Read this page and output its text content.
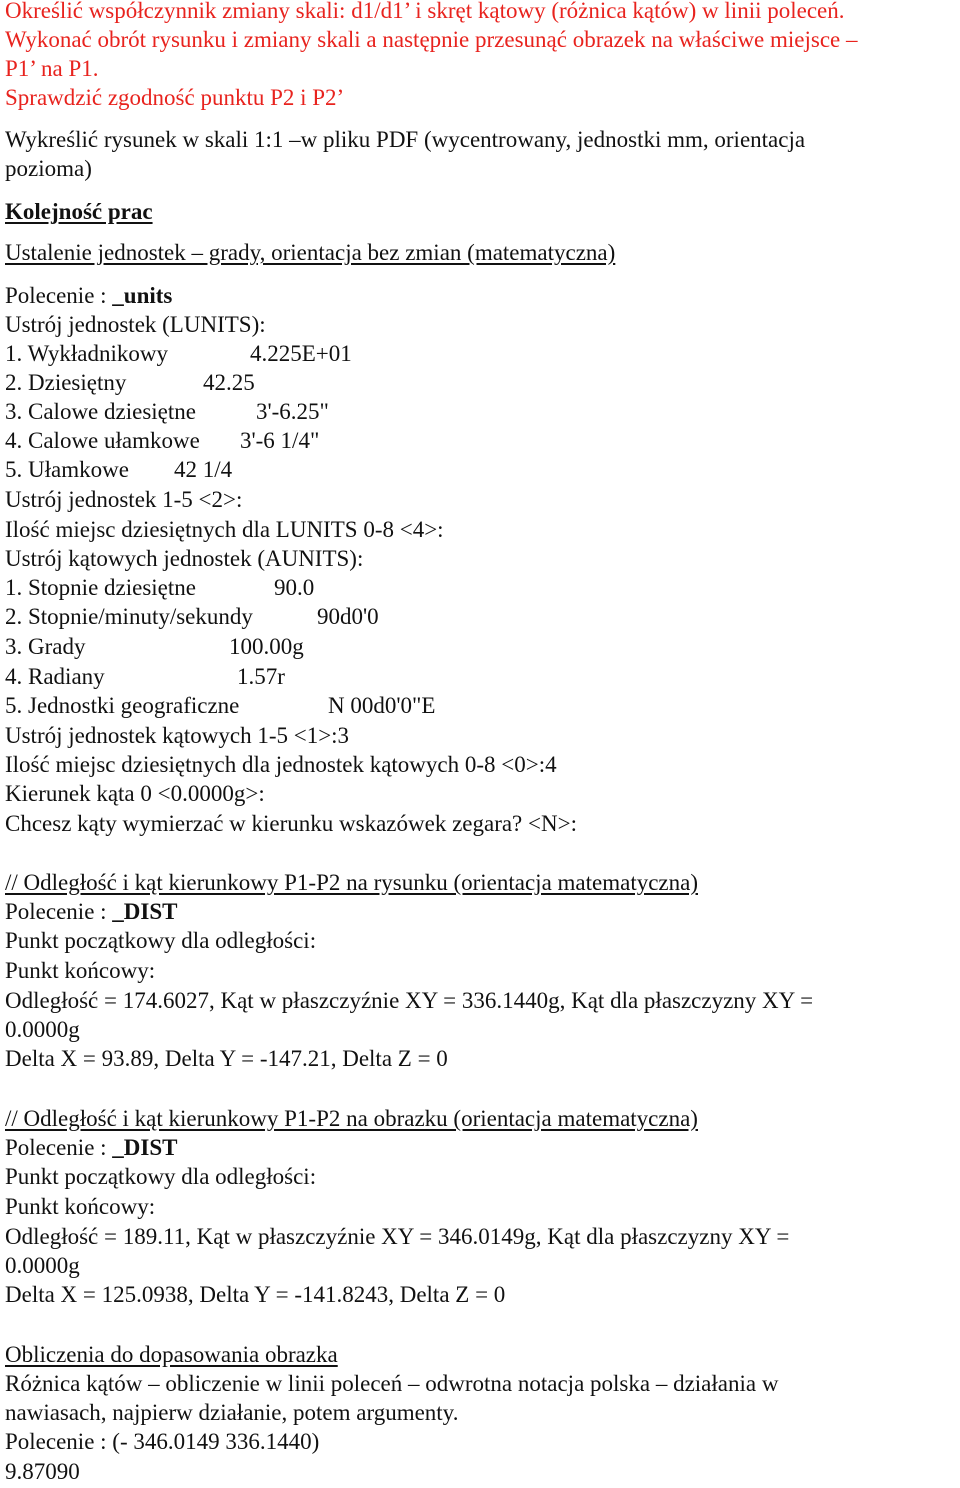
Określić współczynnik zmiany skali: d1/d1’ i skręt kątowy (różnica kątów) w linii poleceń.
Wykonać obrót rysunku i zmiany skali a następnie przesunąć obrazek na właściwe miejsce –
P1’ na P1.
Sprawdzić zgodność punktu P2 i P2’
Wykreślić rysunek w skali 1:1 –w pliku PDF (wycentrowany, jednostki mm, orientacja
pozioma)
Kolejność prac
Ustalenie jednostek – grady, orientacja bez zmian (matematyczna)
Polecenie : _units
Ustrój jednostek (LUNITS):
1. Wykładnikowy	4.225E+01
2. Dziesiętny	42.25
3. Calowe dziesiętne	3'-6.25"
4. Calowe ułamkowe 3'-6 1/4"
5. Ułamkowe 42 1/4
Ustrój jednostek 1-5 <2>:
Ilość miejsc dziesiętnych dla LUNITS 0-8 <4>:
Ustrój kątowych jednostek (AUNITS):
1. Stopnie dziesiętne	90.0
2. Stopnie/minuty/sekundy	90d0'0
3. Grady	100.00g
4. Radiany	1.57r
5. Jednostki geograficzne	N 00d0'0"E
Ustrój jednostek kątowych 1-5 <1>:3
Ilość miejsc dziesiętnych dla jednostek kątowych 0-8 <0>:4
Kierunek kąta 0 <0.0000g>:
Chcesz kąty wymierzać w kierunku wskazówek zegara? <N>:
// Odległość i kąt kierunkowy P1-P2 na rysunku (orientacja matematyczna)
Polecenie : _DIST
Punkt początkowy dla odległości:
Punkt końcowy:
Odległość = 174.6027, Kąt w płaszczyźnie XY = 336.1440g, Kąt dla płaszczyzny XY =
0.0000g
Delta X = 93.89, Delta Y = -147.21, Delta Z = 0
// Odległość i kąt kierunkowy P1-P2 na obrazku (orientacja matematyczna)
Polecenie : _DIST
Punkt początkowy dla odległości:
Punkt końcowy:
Odległość = 189.11, Kąt w płaszczyźnie XY = 346.0149g, Kąt dla płaszczyzny XY =
0.0000g
Delta X = 125.0938, Delta Y = -141.8243, Delta Z = 0
Obliczenia do dopasowania obrazka
Różnica kątów – obliczenie w linii poleceń – odwrotna notacja polska – działania w
nawiasach, najpierw działanie, potem argumenty.
Polecenie : (- 346.0149 336.1440)
9.87090
